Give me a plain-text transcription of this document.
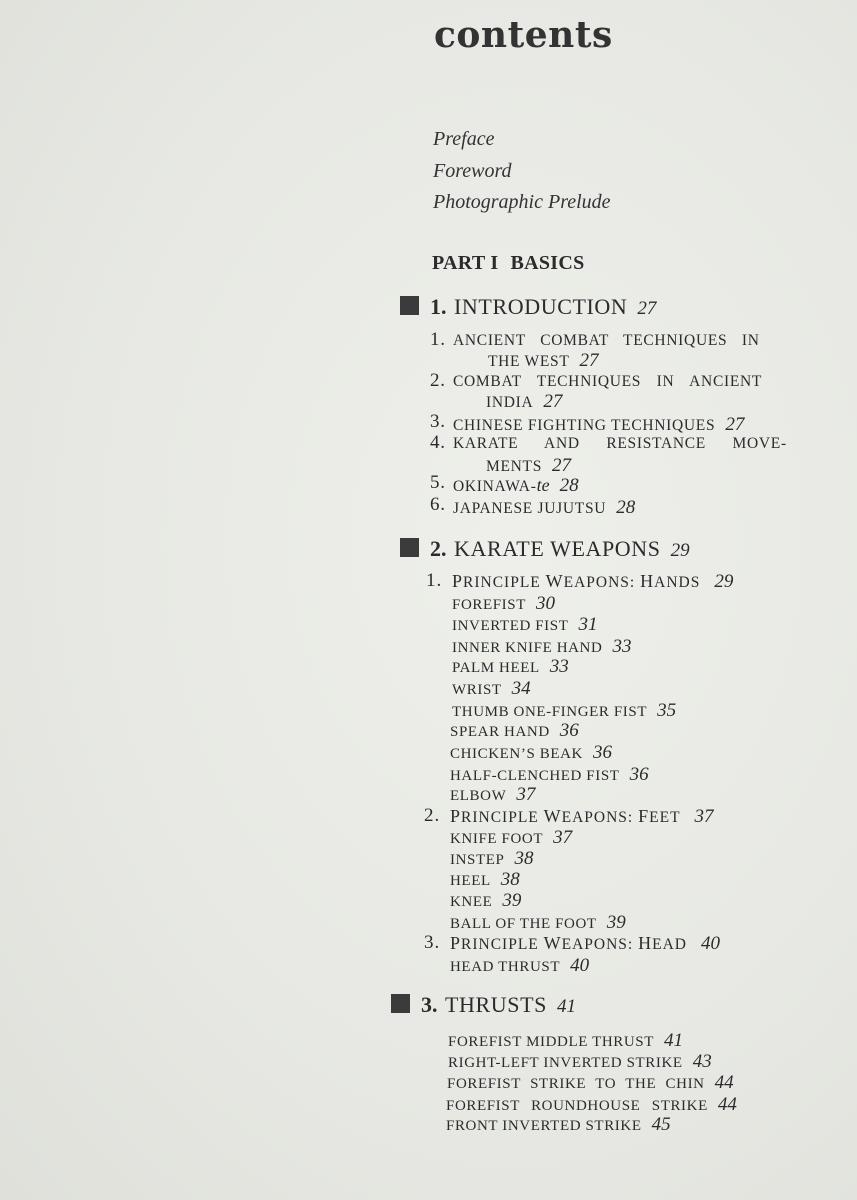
contents
Preface
Foreword
Photographic Prelude
PART I BASICS
1. INTRODUCTION 27
1. ANCIENT COMBAT TECHNIQUES IN
THE WEST 27
2. COMBAT TECHNIQUES IN ANCIENT
INDIA 27
3. CHINESE FIGHTING TECHNIQUES 27
4. KARATE AND RESISTANCE MOVE-
MENTS 27
5. OKINAWA-te 28
6. JAPANESE JUJUTSU 28
2. KARATE WEAPONS 29
1. PRINCIPLE WEAPONS: HANDS 29
FOREFIST 30
INVERTED FIST 31
INNER KNIFE HAND 33
PALM HEEL 33
WRIST 34
THUMB ONE-FINGER FIST 35
SPEAR HAND 36
CHICKEN’S BEAK 36
HALF-CLENCHED FIST 36
ELBOW 37
2. PRINCIPLE WEAPONS: FEET 37
KNIFE FOOT 37
INSTEP 38
HEEL 38
KNEE 39
BALL OF THE FOOT 39
3. PRINCIPLE WEAPONS: HEAD 40
HEAD THRUST 40
3. THRUSTS 41
FOREFIST MIDDLE THRUST 41
RIGHT-LEFT INVERTED STRIKE 43
FOREFIST STRIKE TO THE CHIN 44
FOREFIST ROUNDHOUSE STRIKE 44
FRONT INVERTED STRIKE 45
